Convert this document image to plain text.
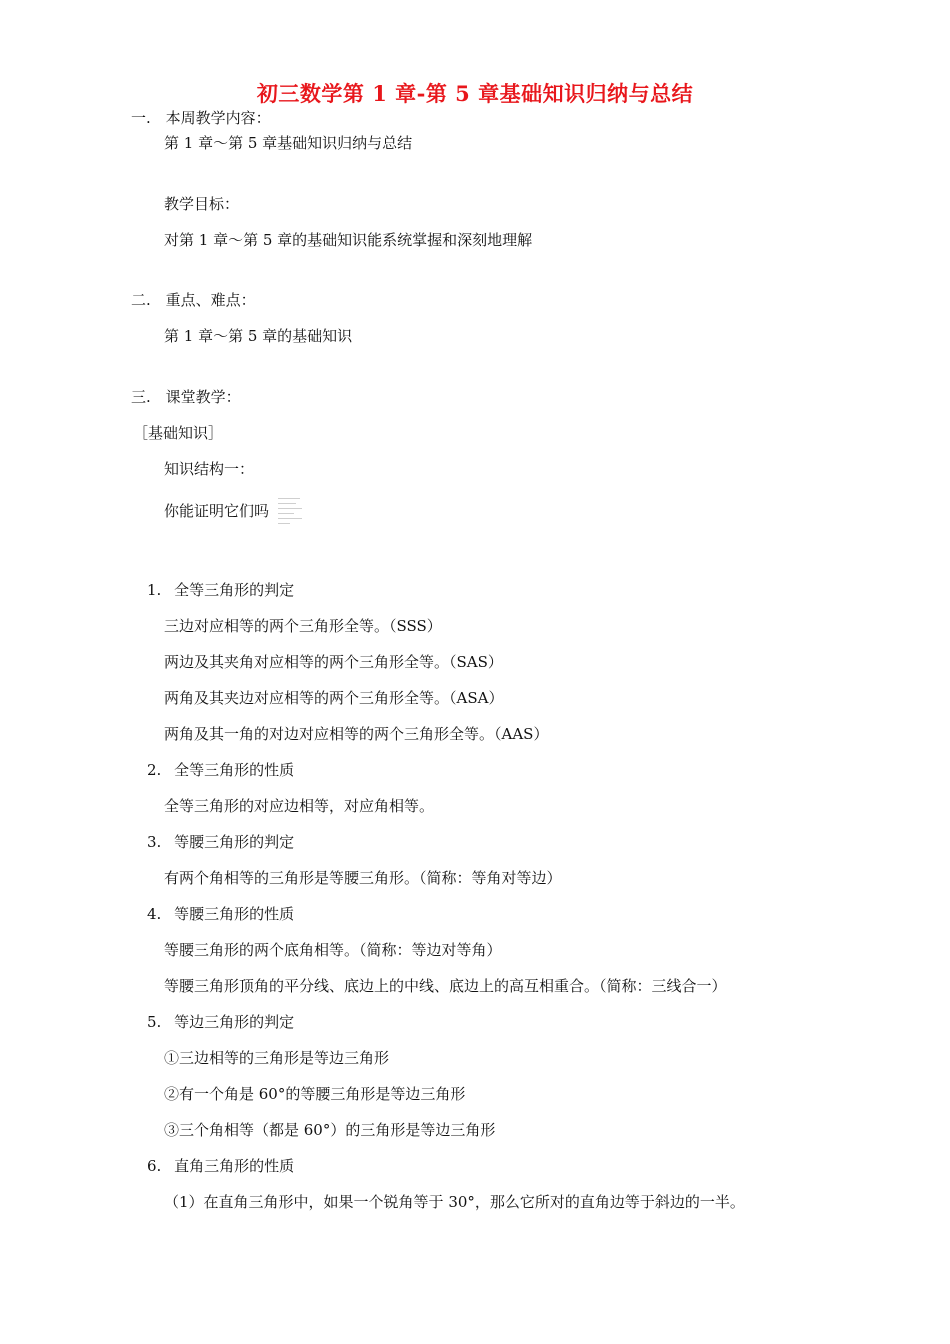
初三数学第 1 章-第 5 章基础知识归纳与总结
一. 本周教学内容：
第 1 章～第 5 章基础知识归纳与总结
教学目标：
对第 1 章～第 5 章的基础知识能系统掌握和深刻地理解
二. 重点、难点：
第 1 章～第 5 章的基础知识
三. 课堂教学：
［基础知识］
知识结构一：
你能证明它们吗
1. 全等三角形的判定
三边对应相等的两个三角形全等。（SSS）
两边及其夹角对应相等的两个三角形全等。（SAS）
两角及其夹边对应相等的两个三角形全等。（ASA）
两角及其一角的对边对应相等的两个三角形全等。（AAS）
2. 全等三角形的性质
全等三角形的对应边相等，对应角相等。
3. 等腰三角形的判定
有两个角相等的三角形是等腰三角形。（简称：等角对等边）
4. 等腰三角形的性质
等腰三角形的两个底角相等。（简称：等边对等角）
等腰三角形顶角的平分线、底边上的中线、底边上的高互相重合。（简称：三线合一）
5. 等边三角形的判定
①三边相等的三角形是等边三角形
②有一个角是 60°的等腰三角形是等边三角形
③三个角相等（都是 60°）的三角形是等边三角形
6. 直角三角形的性质
（1）在直角三角形中，如果一个锐角等于 30°，那么它所对的直角边等于斜边的一半。
